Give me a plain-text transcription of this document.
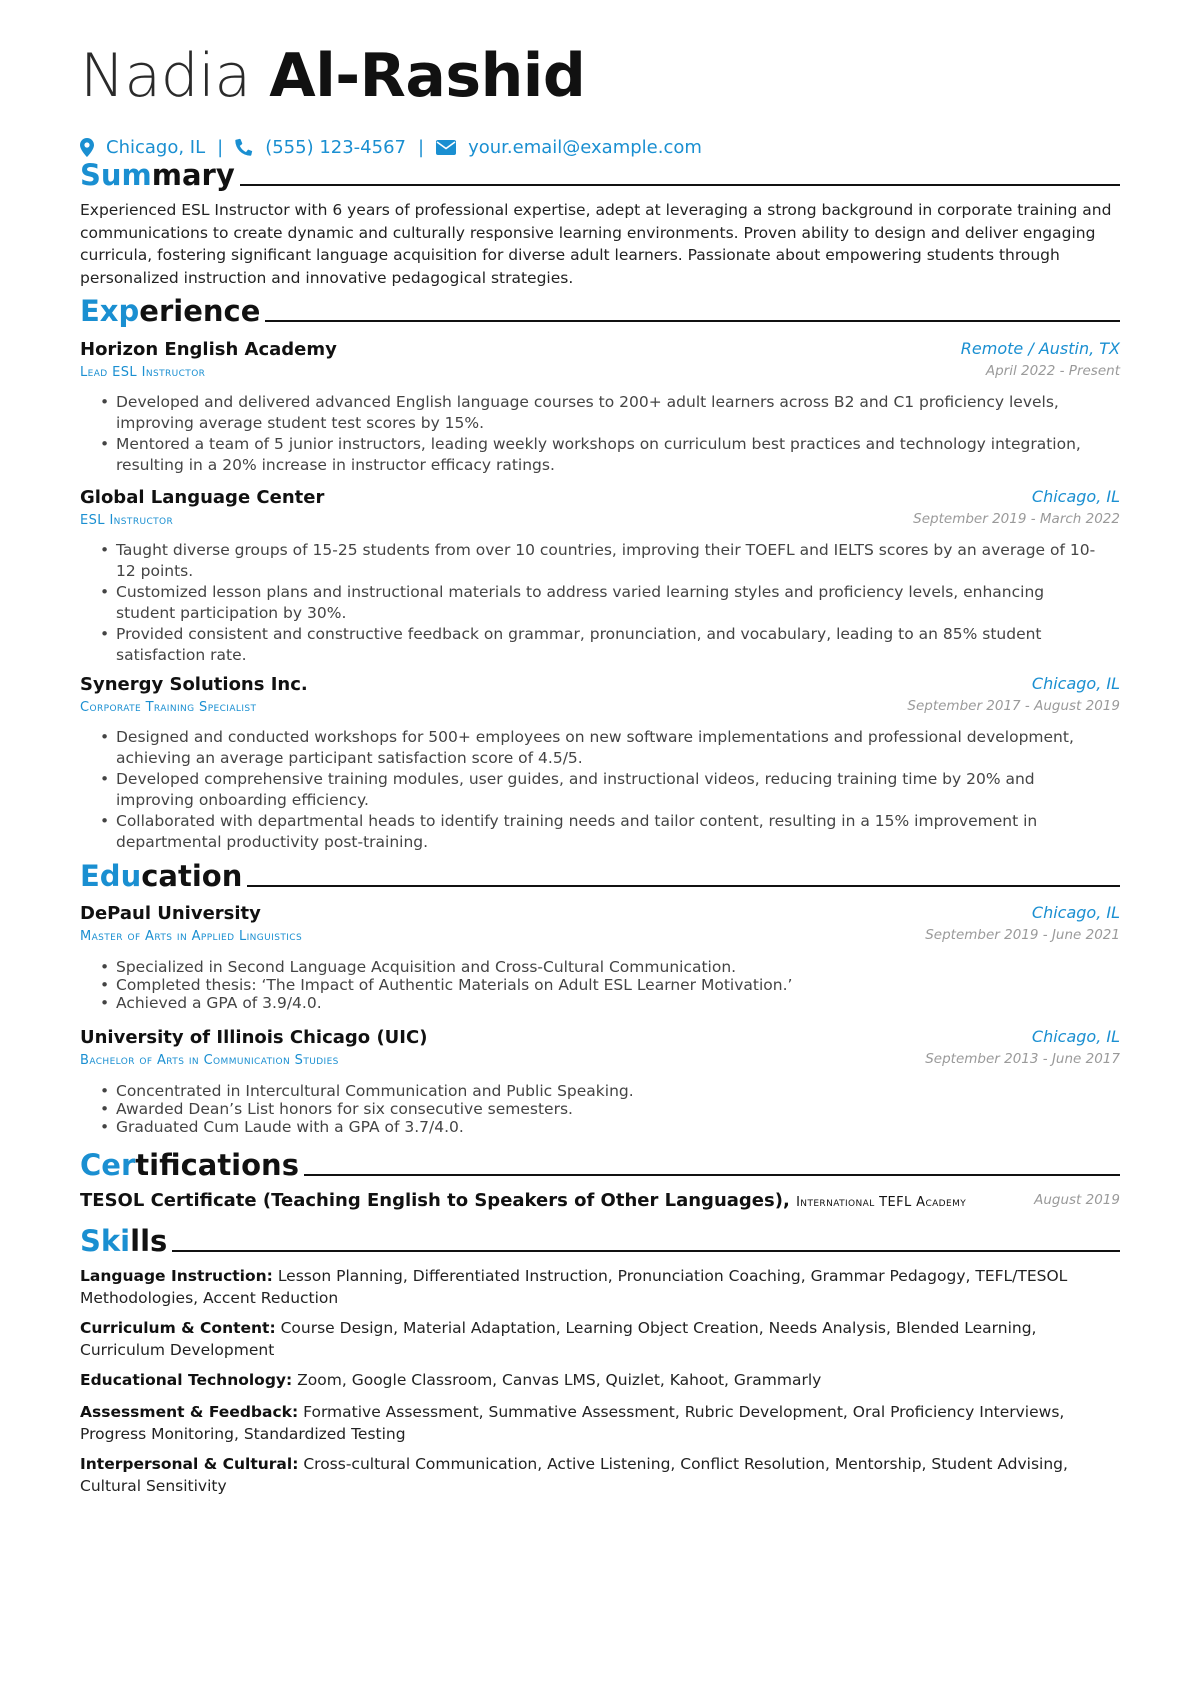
Nadia Al-Rashid
Chicago, IL | (555) 123-4567 | your.email@example.com
Summary
Experienced ESL Instructor with 6 years of professional expertise, adept at leveraging a strong background in corporate training and communications to create dynamic and culturally responsive learning environments. Proven ability to design and deliver engaging curricula, fostering significant language acquisition for diverse adult learners. Passionate about empowering students through personalized instruction and innovative pedagogical strategies.
Experience
Horizon English Academy	Remote / Austin, TX
Lead ESL Instructor	April 2022 - Present
• Developed and delivered advanced English language courses to 200+ adult learners across B2 and C1 proficiency levels, improving average student test scores by 15%.
• Mentored a team of 5 junior instructors, leading weekly workshops on curriculum best practices and technology integration, resulting in a 20% increase in instructor efficacy ratings.
Global Language Center	Chicago, IL
ESL Instructor	September 2019 - March 2022
• Taught diverse groups of 15-25 students from over 10 countries, improving their TOEFL and IELTS scores by an average of 10-12 points.
• Customized lesson plans and instructional materials to address varied learning styles and proficiency levels, enhancing student participation by 30%.
• Provided consistent and constructive feedback on grammar, pronunciation, and vocabulary, leading to an 85% student satisfaction rate.
Synergy Solutions Inc.	Chicago, IL
Corporate Training Specialist	September 2017 - August 2019
• Designed and conducted workshops for 500+ employees on new software implementations and professional development, achieving an average participant satisfaction score of 4.5/5.
• Developed comprehensive training modules, user guides, and instructional videos, reducing training time by 20% and improving onboarding efficiency.
• Collaborated with departmental heads to identify training needs and tailor content, resulting in a 15% improvement in departmental productivity post-training.
Education
DePaul University	Chicago, IL
Master of Arts in Applied Linguistics	September 2019 - June 2021
• Specialized in Second Language Acquisition and Cross-Cultural Communication.
• Completed thesis: ‘The Impact of Authentic Materials on Adult ESL Learner Motivation.’
• Achieved a GPA of 3.9/4.0.
University of Illinois Chicago (UIC)	Chicago, IL
Bachelor of Arts in Communication Studies	September 2013 - June 2017
• Concentrated in Intercultural Communication and Public Speaking.
• Awarded Dean’s List honors for six consecutive semesters.
• Graduated Cum Laude with a GPA of 3.7/4.0.
Certifications
TESOL Certificate (Teaching English to Speakers of Other Languages), International TEFL Academy	August 2019
Skills
Language Instruction: Lesson Planning, Differentiated Instruction, Pronunciation Coaching, Grammar Pedagogy, TEFL/TESOL Methodologies, Accent Reduction
Curriculum & Content: Course Design, Material Adaptation, Learning Object Creation, Needs Analysis, Blended Learning, Curriculum Development
Educational Technology: Zoom, Google Classroom, Canvas LMS, Quizlet, Kahoot, Grammarly
Assessment & Feedback: Formative Assessment, Summative Assessment, Rubric Development, Oral Proficiency Interviews, Progress Monitoring, Standardized Testing
Interpersonal & Cultural: Cross-cultural Communication, Active Listening, Conflict Resolution, Mentorship, Student Advising, Cultural Sensitivity
